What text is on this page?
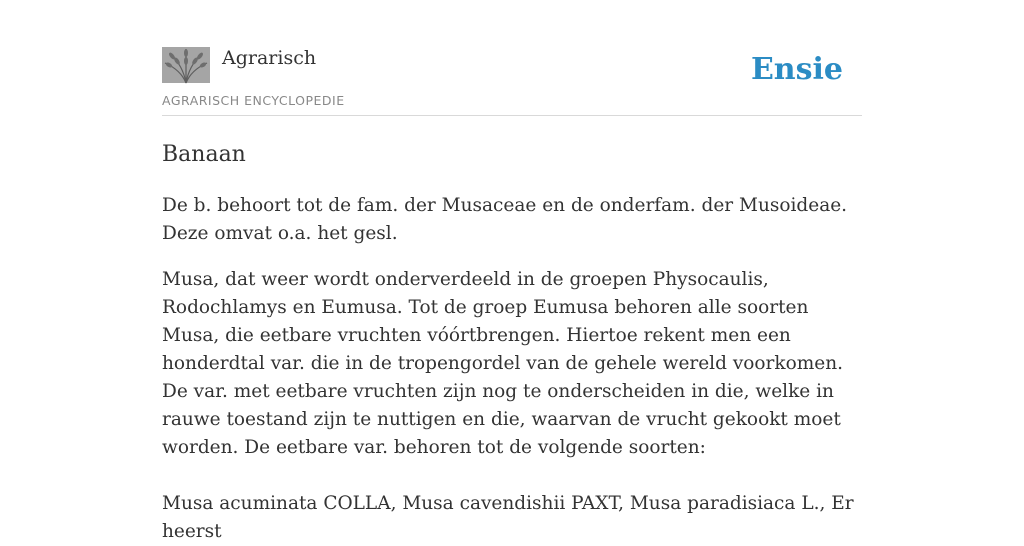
Agrarisch
AGRARISCH ENCYCLOPEDIE
Ensie
Banaan

De b. behoort tot de fam. der Musaceae en de onderfam. der Musoideae. Deze omvat o.a. het gesl.

Musa, dat weer wordt onderverdeeld in de groepen Physocaulis, Rodochlamys en Eumusa. Tot de groep Eumusa behoren alle soorten Musa, die eetbare vruchten vóórtbrengen. Hiertoe rekent men een honderdtal var. die in de tropengordel van de gehele wereld voorkomen. De var. met eetbare vruchten zijn nog te onderscheiden in die, welke in rauwe toestand zijn te nuttigen en die, waarvan de vrucht gekookt moet worden. De eetbare var. behoren tot de volgende soorten:

Musa acuminata COLLA, Musa cavendishii PAXT, Musa paradisiaca L., Er heerst
